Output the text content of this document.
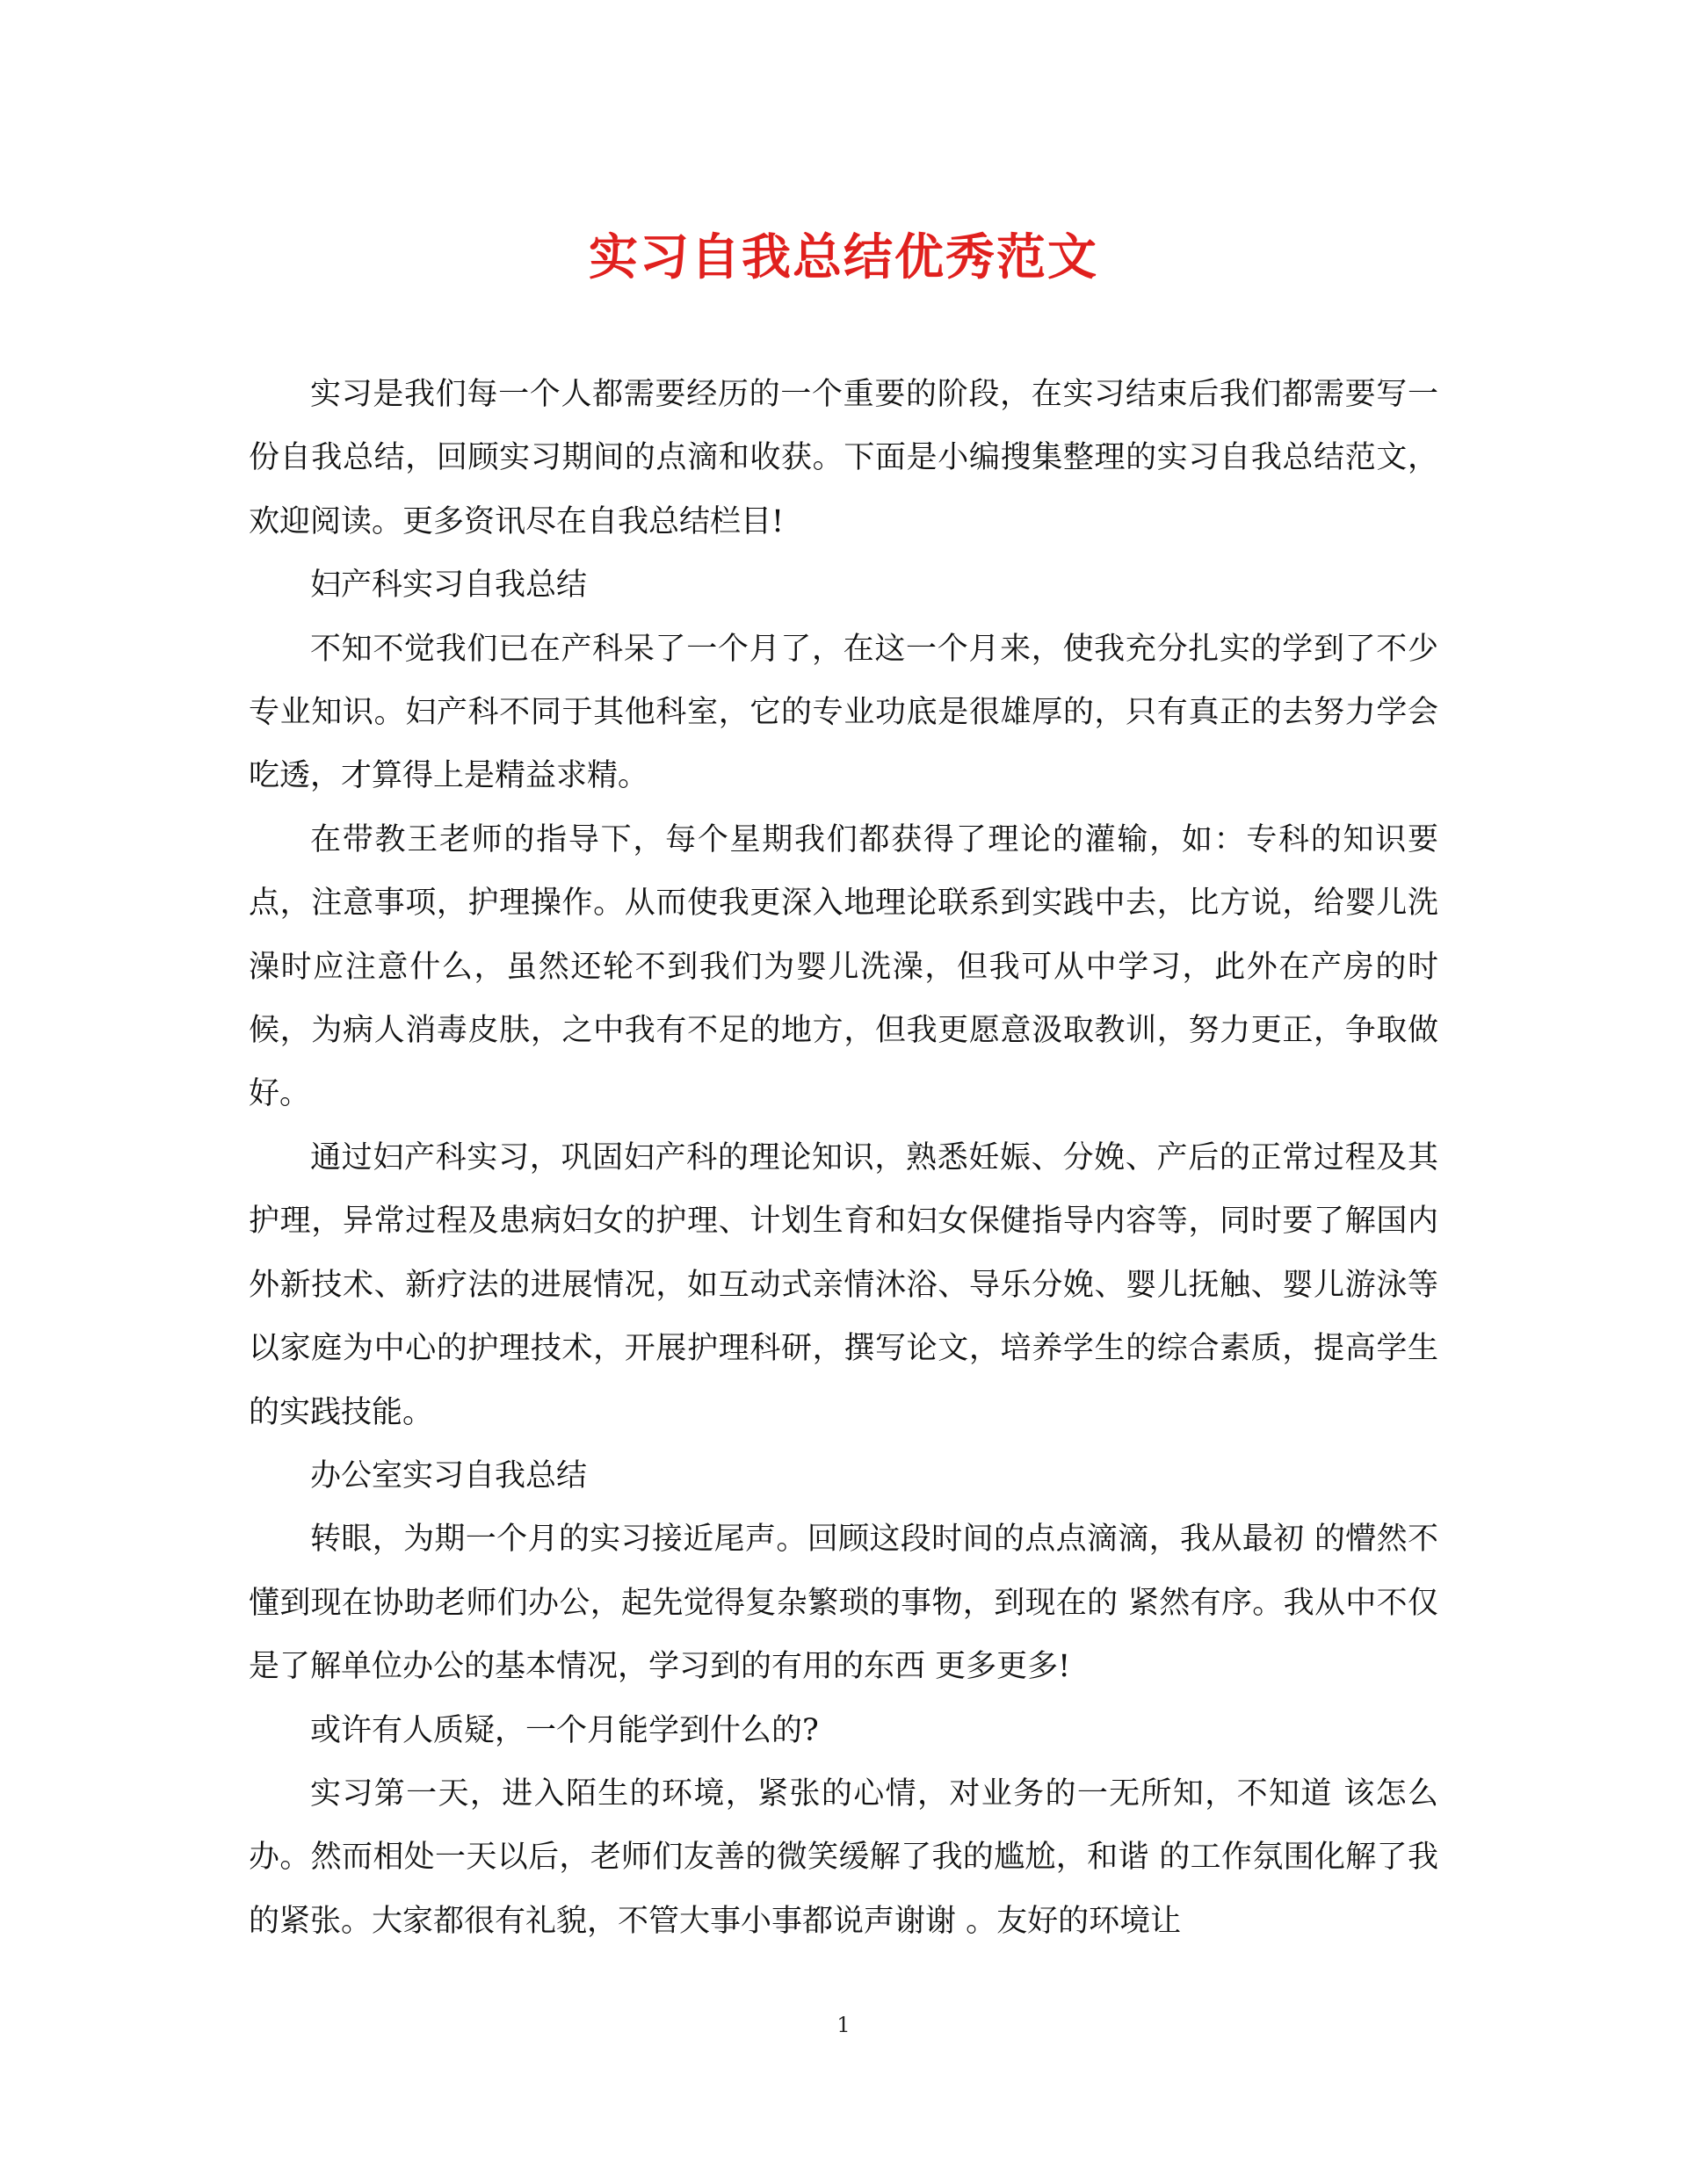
实习自我总结优秀范文

实习是我们每一个人都需要经历的一个重要的阶段，在实习结束后我们都需要写一份自我总结，回顾实习期间的点滴和收获。下面是小编搜集整理的实习自我总结范文，欢迎阅读。更多资讯尽在自我总结栏目!

妇产科实习自我总结

不知不觉我们已在产科呆了一个月了，在这一个月来，使我充分扎实的学到了不少专业知识。妇产科不同于其他科室，它的专业功底是很雄厚的，只有真正的去努力学会吃透，才算得上是精益求精。

在带教王老师的指导下，每个星期我们都获得了理论的灌输，如：专科的知识要点，注意事项，护理操作。从而使我更深入地理论联系到实践中去，比方说，给婴儿洗澡时应注意什么，虽然还轮不到我们为婴儿洗澡，但我可从中学习，此外在产房的时候，为病人消毒皮肤，之中我有不足的地方，但我更愿意汲取教训，努力更正，争取做好。

通过妇产科实习，巩固妇产科的理论知识，熟悉妊娠、分娩、产后的正常过程及其护理，异常过程及患病妇女的护理、计划生育和妇女保健指导内容等，同时要了解国内外新技术、新疗法的进展情况，如互动式亲情沐浴、导乐分娩、婴儿抚触、婴儿游泳等以家庭为中心的护理技术，开展护理科研，撰写论文，培养学生的综合素质，提高学生的实践技能。

办公室实习自我总结

转眼，为期一个月的实习接近尾声。回顾这段时间的点点滴滴，我从最初 的懵然不懂到现在协助老师们办公，起先觉得复杂繁琐的事物，到现在的 紧然有序。我从中不仅是了解单位办公的基本情况，学习到的有用的东西 更多更多!

或许有人质疑，一个月能学到什么的?

实习第一天，进入陌生的环境，紧张的心情，对业务的一无所知，不知道 该怎么办。然而相处一天以后，老师们友善的微笑缓解了我的尴尬，和谐 的工作氛围化解了我的紧张。大家都很有礼貌，不管大事小事都说声谢谢 。友好的环境让

1
